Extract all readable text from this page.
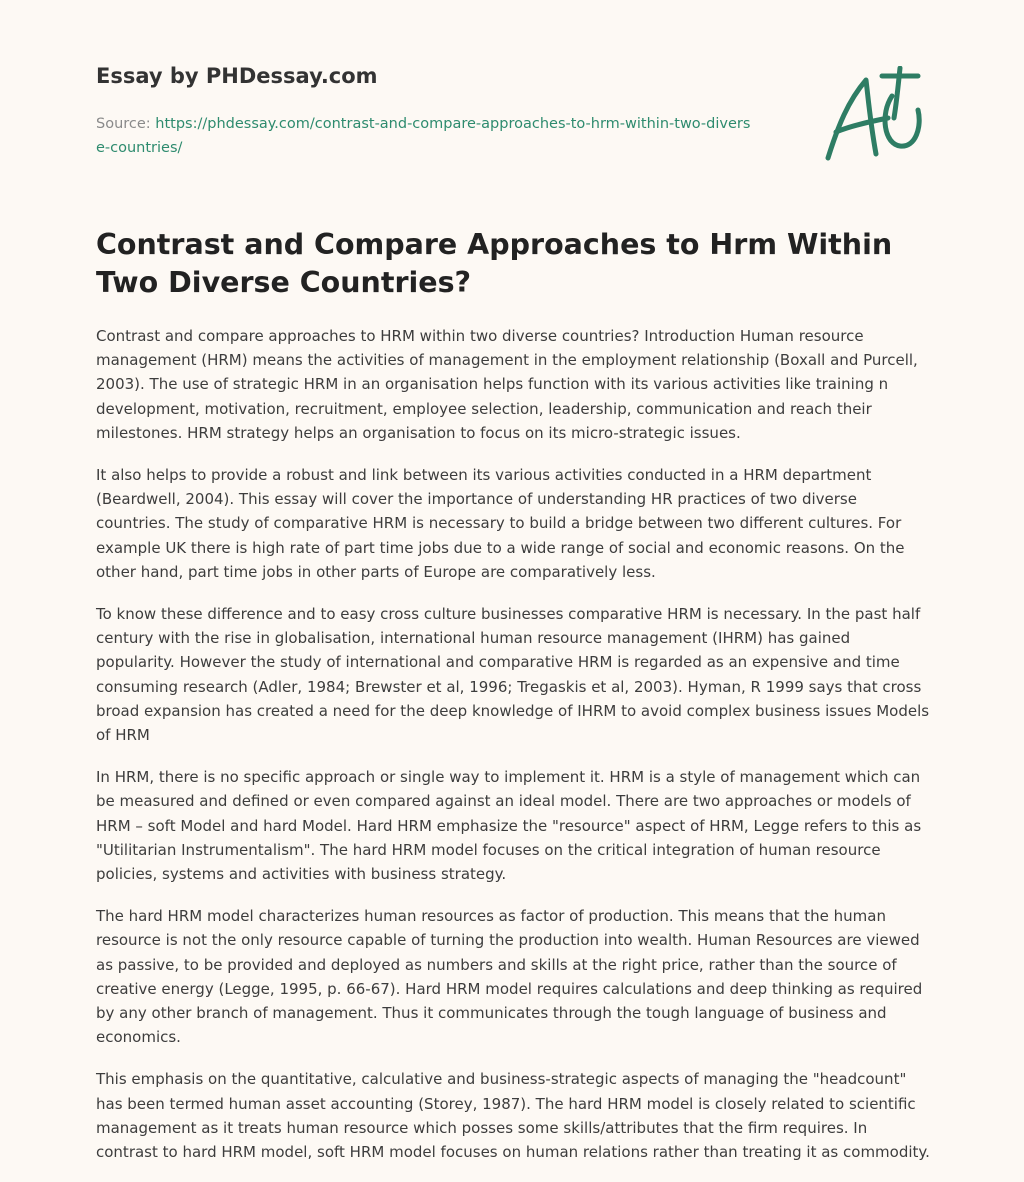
Essay by PHDessay.com

Source: https://phdessay.com/contrast-and-compare-approaches-to-hrm-within-two-diverse-countries/

Contrast and Compare Approaches to Hrm Within Two Diverse Countries?

Contrast and compare approaches to HRM within two diverse countries? Introduction Human resource management (HRM) means the activities of management in the employment relationship (Boxall and Purcell, 2003). The use of strategic HRM in an organisation helps function with its various activities like training n development, motivation, recruitment, employee selection, leadership, communication and reach their milestones. HRM strategy helps an organisation to focus on its micro-strategic issues.

It also helps to provide a robust and link between its various activities conducted in a HRM department (Beardwell, 2004). This essay will cover the importance of understanding HR practices of two diverse countries. The study of comparative HRM is necessary to build a bridge between two different cultures. For example UK there is high rate of part time jobs due to a wide range of social and economic reasons. On the other hand, part time jobs in other parts of Europe are comparatively less.

To know these difference and to easy cross culture businesses comparative HRM is necessary. In the past half century with the rise in globalisation, international human resource management (IHRM) has gained popularity. However the study of international and comparative HRM is regarded as an expensive and time consuming research (Adler, 1984; Brewster et al, 1996; Tregaskis et al, 2003). Hyman, R 1999 says that cross broad expansion has created a need for the deep knowledge of IHRM to avoid complex business issues Models of HRM

In HRM, there is no specific approach or single way to implement it. HRM is a style of management which can be measured and defined or even compared against an ideal model. There are two approaches or models of HRM – soft Model and hard Model. Hard HRM emphasize the "resource" aspect of HRM, Legge refers to this as "Utilitarian Instrumentalism". The hard HRM model focuses on the critical integration of human resource policies, systems and activities with business strategy.

The hard HRM model characterizes human resources as factor of production. This means that the human resource is not the only resource capable of turning the production into wealth. Human Resources are viewed as passive, to be provided and deployed as numbers and skills at the right price, rather than the source of creative energy (Legge, 1995, p. 66-67). Hard HRM model requires calculations and deep thinking as required by any other branch of management. Thus it communicates through the tough language of business and economics.

This emphasis on the quantitative, calculative and business-strategic aspects of managing the "headcount" has been termed human asset accounting (Storey, 1987). The hard HRM model is closely related to scientific management as it treats human resource which posses some skills/attributes that the firm requires. In contrast to hard HRM model, soft HRM model focuses on human relations rather than treating it as commodity.
